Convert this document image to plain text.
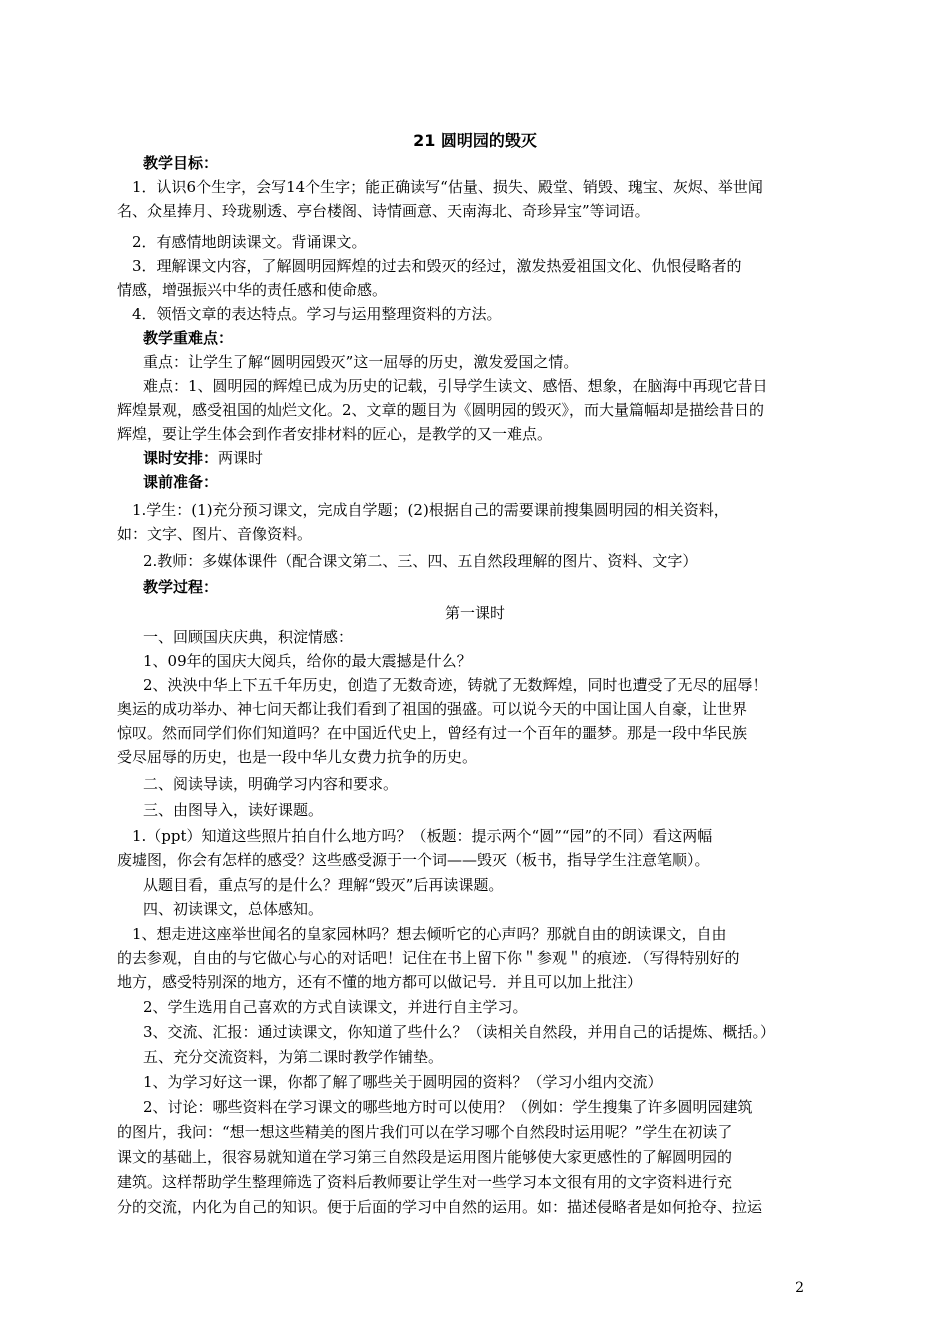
21 圆明园的毁灭
教学目标：
　1．认识6个生字，会写14个生字；能正确读写“估量、损失、殿堂、销毁、瑰宝、灰烬、举世闻
名、众星捧月、玲珑剔透、亭台楼阁、诗情画意、天南海北、奇珍异宝”等词语。
　2．有感情地朗读课文。背诵课文。
　3．理解课文内容，了解圆明园辉煌的过去和毁灭的经过，激发热爱祖国文化、仇恨侵略者的
情感，增强振兴中华的责任感和使命感。
　4．领悟文章的表达特点。学习与运用整理资料的方法。
教学重难点：
重点：让学生了解“圆明园毁灭”这一屈辱的历史，激发爱国之情。
难点：1、圆明园的辉煌已成为历史的记载，引导学生读文、感悟、想象，在脑海中再现它昔日
辉煌景观，感受祖国的灿烂文化。2、文章的题目为《圆明园的毁灭》，而大量篇幅却是描绘昔日的
辉煌，要让学生体会到作者安排材料的匠心，是教学的又一难点。
课时安排：两课时
课前准备：
　1.学生：(1)充分预习课文，完成自学题；(2)根据自己的需要课前搜集圆明园的相关资料，
如：文字、图片、音像资料。
2.教师：多媒体课件（配合课文第二、三、四、五自然段理解的图片、资料、文字）
教学过程：
第一课时
一、回顾国庆庆典，积淀情感：
1、09年的国庆大阅兵，给你的最大震撼是什么？
2、泱泱中华上下五千年历史，创造了无数奇迹，铸就了无数辉煌，同时也遭受了无尽的屈辱！
奥运的成功举办、神七问天都让我们看到了祖国的强盛。可以说今天的中国让国人自豪，让世界
惊叹。然而同学们你们知道吗？在中国近代史上，曾经有过一个百年的噩梦。那是一段中华民族
受尽屈辱的历史，也是一段中华儿女费力抗争的历史。
二、阅读导读，明确学习内容和要求。
三、由图导入，读好课题。
　1.（ppt）知道这些照片拍自什么地方吗？（板题：提示两个“圆”“园”的不同）看这两幅
废墟图，你会有怎样的感受？这些感受源于一个词——毁灭（板书，指导学生注意笔顺）。
从题目看，重点写的是什么？理解“毁灭”后再读课题。
四、初读课文，总体感知。
　1、想走进这座举世闻名的皇家园林吗？想去倾听它的心声吗？那就自由的朗读课文，自由
的去参观，自由的与它做心与心的对话吧！记住在书上留下你＂参观＂的痕迹．（写得特别好的
地方，感受特别深的地方，还有不懂的地方都可以做记号．并且可以加上批注）
2、学生选用自己喜欢的方式自读课文，并进行自主学习。
3、交流、汇报：通过读课文，你知道了些什么？（读相关自然段，并用自己的话提炼、概括。）
五、充分交流资料，为第二课时教学作铺垫。
1、为学习好这一课，你都了解了哪些关于圆明园的资料？（学习小组内交流）
2、讨论：哪些资料在学习课文的哪些地方时可以使用？（例如：学生搜集了许多圆明园建筑
的图片，我问：“想一想这些精美的图片我们可以在学习哪个自然段时运用呢？”学生在初读了
课文的基础上，很容易就知道在学习第三自然段是运用图片能够使大家更感性的了解圆明园的
建筑。这样帮助学生整理筛选了资料后教师要让学生对一些学习本文很有用的文字资料进行充
分的交流，内化为自己的知识。便于后面的学习中自然的运用。如：描述侵略者是如何抢夺、拉运
2
